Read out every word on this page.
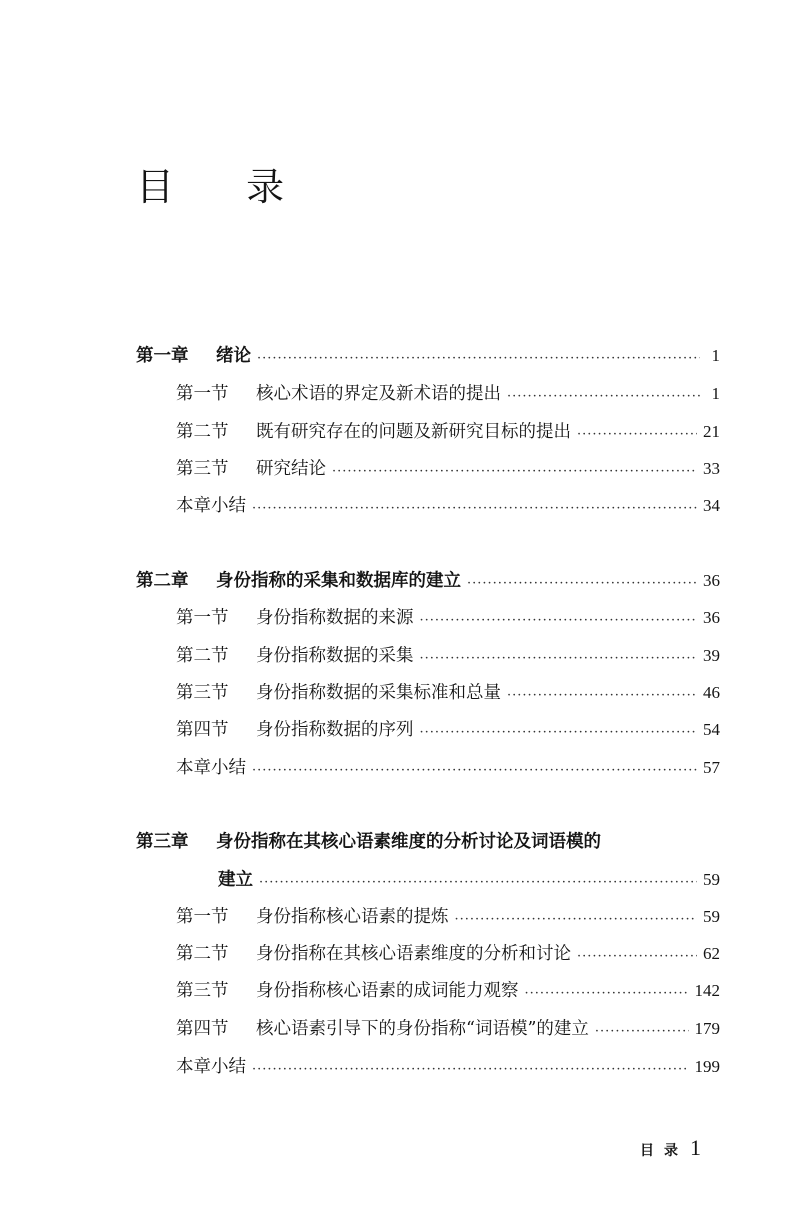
目 录
第一章	绪论 ·····	1
第一节	核心术语的界定及新术语的提出 ·····	1
第二节	既有研究存在的问题及新研究目标的提出 ·····	21
第三节	研究结论 ·····	33
本章小结 ·····	34
第二章	身份指称的采集和数据库的建立 ·····	36
第一节	身份指称数据的来源 ·····	36
第二节	身份指称数据的采集 ·····	39
第三节	身份指称数据的采集标准和总量 ·····	46
第四节	身份指称数据的序列 ·····	54
本章小结 ·····	57
第三章	身份指称在其核心语素维度的分析讨论及词语模的
建立 ·····	59
第一节	身份指称核心语素的提炼 ·····	59
第二节	身份指称在其核心语素维度的分析和讨论 ·····	62
第三节	身份指称核心语素的成词能力观察 ·····	142
第四节	核心语素引导下的身份指称“词语模”的建立 ·····	179
本章小结 ·····	199
目录1
